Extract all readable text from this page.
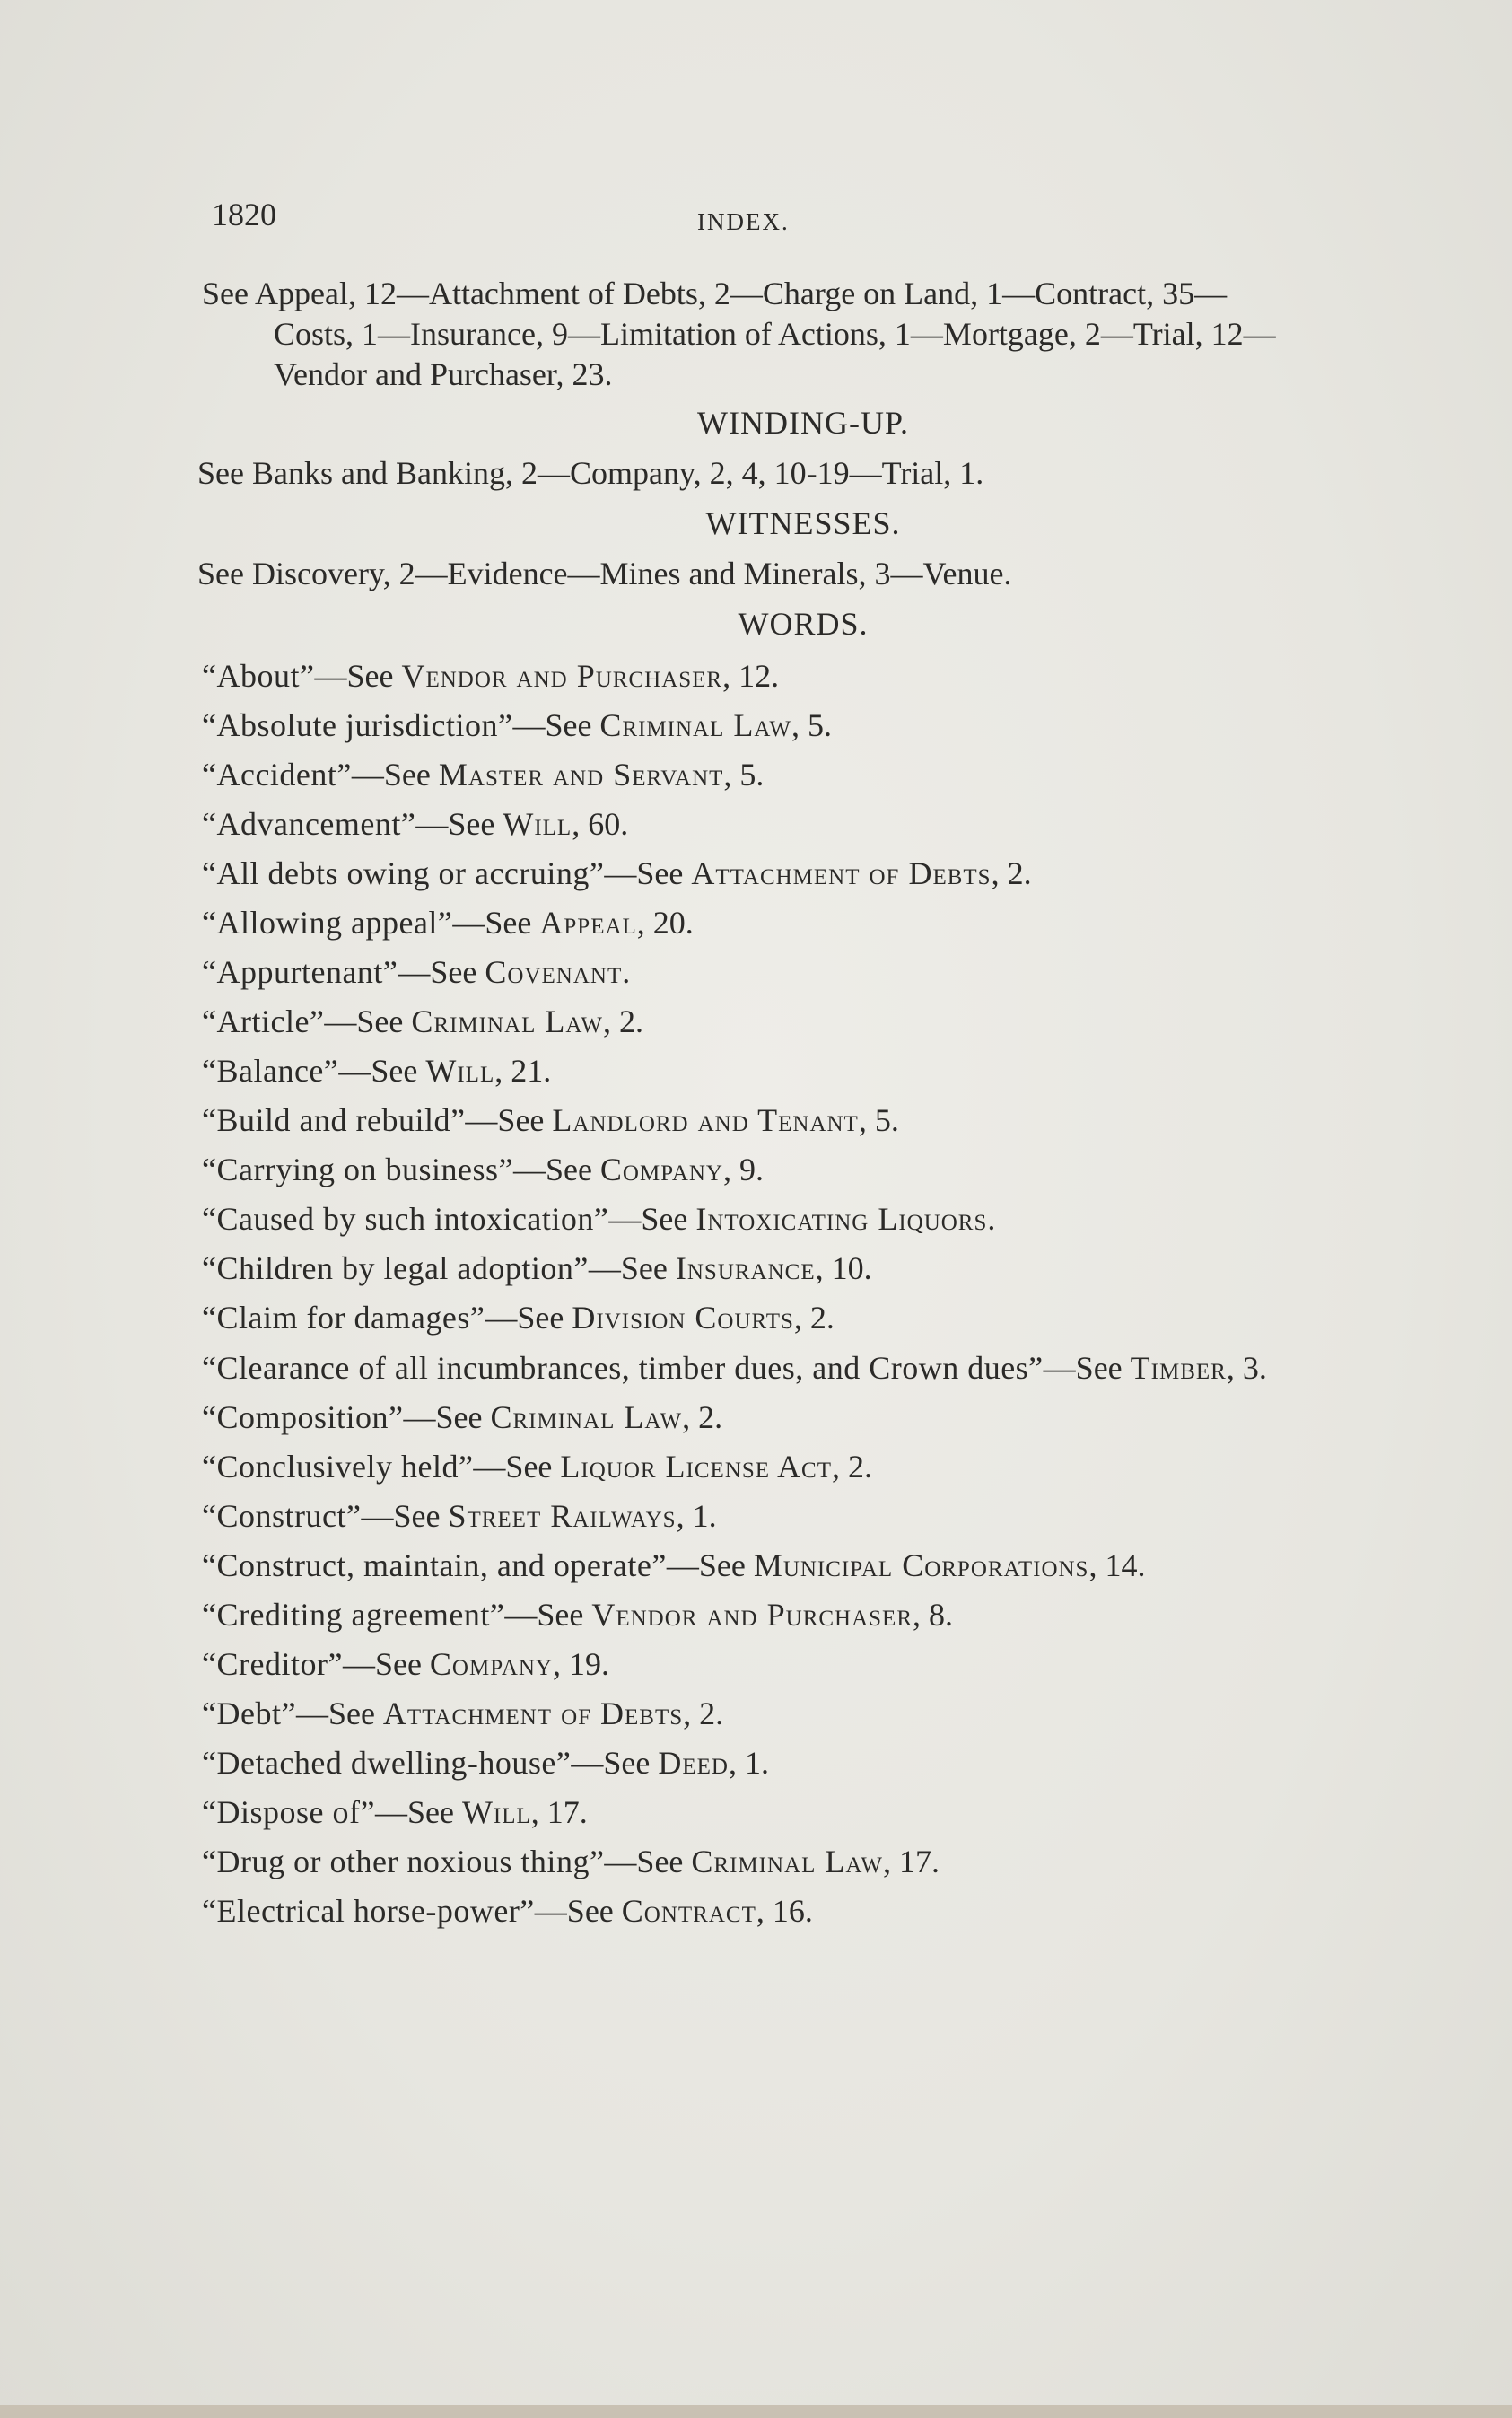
1820	INDEX.

See Appeal, 12—Attachment of Debts, 2—Charge on Land, 1—Contract, 35—Costs, 1—Insurance, 9—Limitation of Actions, 1—Mortgage, 2—Trial, 12—Vendor and Purchaser, 23.

WINDING-UP.

See Banks and Banking, 2—Company, 2, 4, 10-19—Trial, 1.

WITNESSES.

See Discovery, 2—Evidence—Mines and Minerals, 3—Venue.

WORDS.

“About”—See Vendor and Purchaser, 12.

“Absolute jurisdiction”—See Criminal Law, 5.

“Accident”—See Master and Servant, 5.

“Advancement”—See Will, 60.

“All debts owing or accruing”—See Attachment of Debts, 2.

“Allowing appeal”—See Appeal, 20.

“Appurtenant”—See Covenant.

“Article”—See Criminal Law, 2.

“Balance”—See Will, 21.

“Build and rebuild”—See Landlord and Tenant, 5.

“Carrying on business”—See Company, 9.

“Caused by such intoxication”—See Intoxicating Liquors.

“Children by legal adoption”—See Insurance, 10.

“Claim for damages”—See Division Courts, 2.

“Clearance of all incumbrances, timber dues, and Crown dues”—See Timber, 3.

“Composition”—See Criminal Law, 2.

“Conclusively held”—See Liquor License Act, 2.

“Construct”—See Street Railways, 1.

“Construct, maintain, and operate”—See Municipal Corporations, 14.

“Crediting agreement”—See Vendor and Purchaser, 8.

“Creditor”—See Company, 19.

“Debt”—See Attachment of Debts, 2.

“Detached dwelling-house”—See Deed, 1.

“Dispose of”—See Will, 17.

“Drug or other noxious thing”—See Criminal Law, 17.

“Electrical horse-power”—See Contract, 16.
